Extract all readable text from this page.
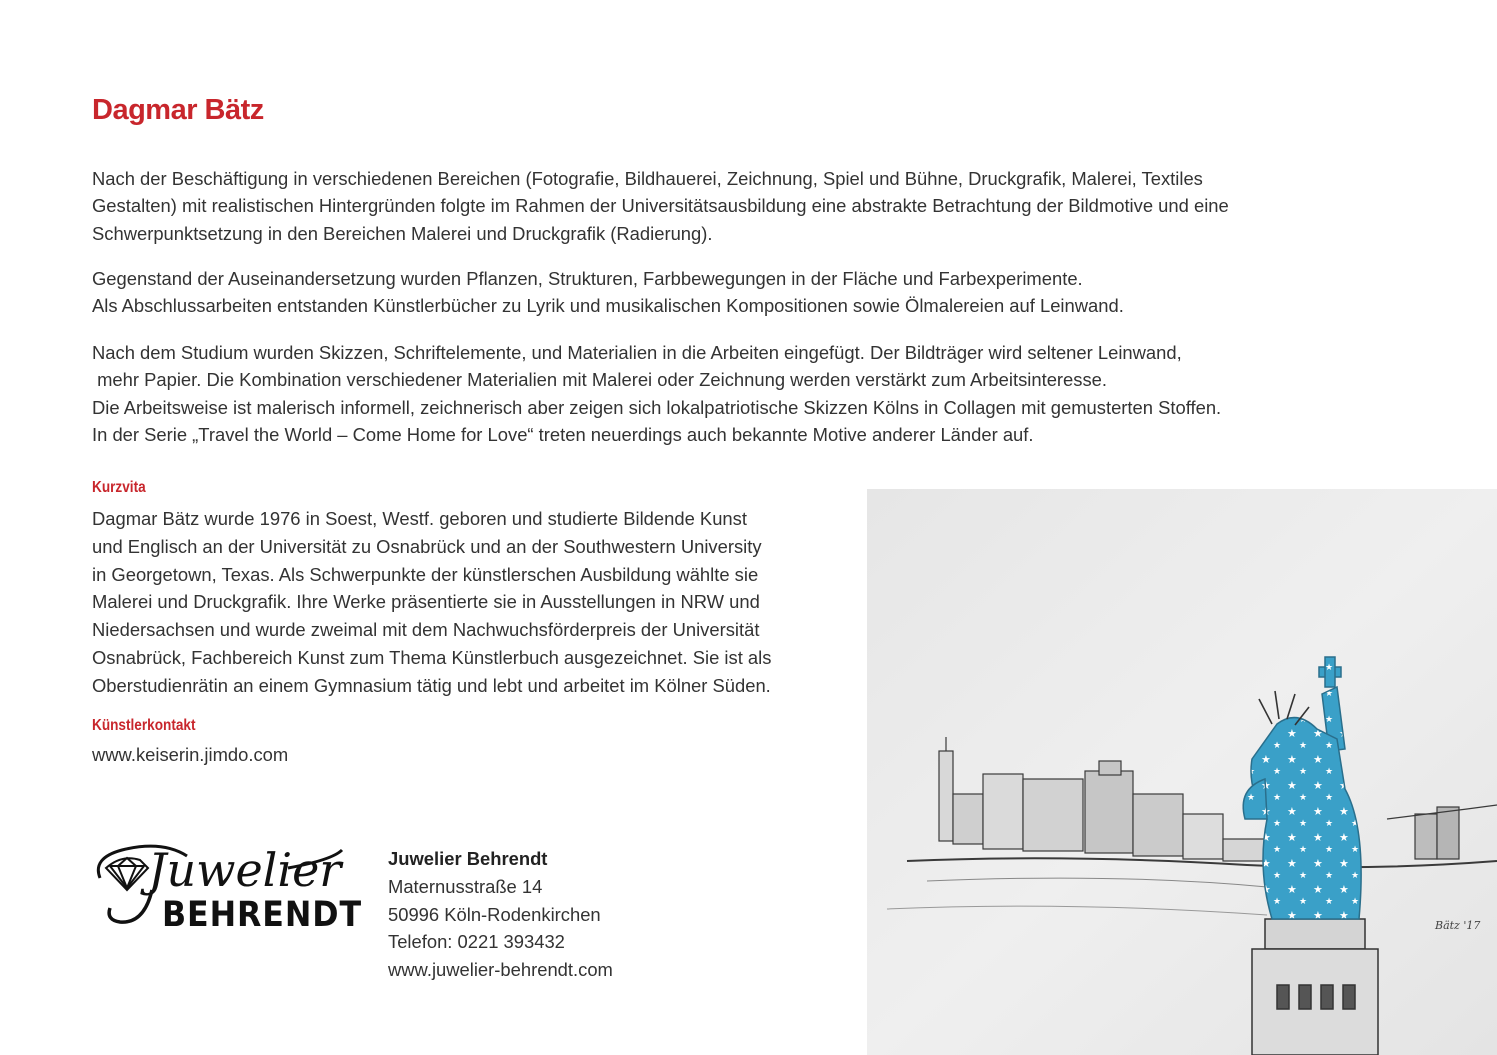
Dagmar Bätz
Nach der Beschäftigung in verschiedenen Bereichen (Fotografie, Bildhauerei, Zeichnung, Spiel und Bühne, Druckgrafik, Malerei, Textiles
Gestalten) mit realistischen Hintergründen folgte im Rahmen der Universitätsausbildung eine abstrakte Betrachtung der Bildmotive und eine
Schwerpunktsetzung in den Bereichen Malerei und Druckgrafik (Radierung).
Gegenstand der Auseinandersetzung wurden Pflanzen, Strukturen, Farbbewegungen in der Fläche und Farbexperimente.
Als Abschlussarbeiten entstanden Künstlerbücher zu Lyrik und musikalischen Kompositionen sowie Ölmalereien auf Leinwand.
Nach dem Studium wurden Skizzen, Schriftelemente, und Materialien in die Arbeiten eingefügt. Der Bildträger wird seltener Leinwand,
mehr Papier. Die Kombination verschiedener Materialien mit Malerei oder Zeichnung werden verstärkt zum Arbeitsinteresse.
Die Arbeitsweise ist malerisch informell, zeichnerisch aber zeigen sich lokalpatriotische Skizzen Kölns in Collagen mit gemusterten Stoffen.
In der Serie „Travel the World – Come Home for Love“ treten neuerdings auch bekannte Motive anderer Länder auf.
Kurzvita
Dagmar Bätz wurde 1976 in Soest, Westf. geboren und studierte Bildende Kunst
und Englisch an der Universität zu Osnabrück und an der Southwestern University
in Georgetown, Texas. Als Schwerpunkte der künstlerschen Ausbildung wählte sie
Malerei und Druckgrafik. Ihre Werke präsentierte sie in Ausstellungen in NRW und
Niedersachsen und wurde zweimal mit dem Nachwuchsförderpreis der Universität
Osnabrück, Fachbereich Kunst zum Thema Künstlerbuch ausgezeichnet. Sie ist als
Oberstudienrätin an einem Gymnasium tätig und lebt und arbeitet im Kölner Süden.
Künstlerkontakt
www.keiserin.jimdo.com
Juwelier
BEHRENDT
Juwelier Behrendt
Maternusstraße 14
50996 Köln-Rodenkirchen
Telefon: 0221 393432
www.juwelier-behrendt.com
Bätz '17
